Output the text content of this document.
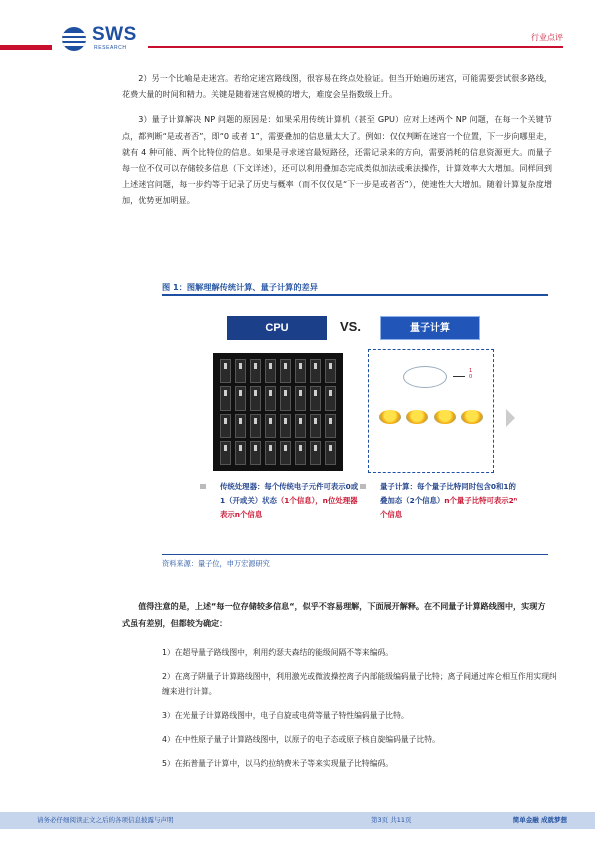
SWS
RESEARCH
行业点评

2）另一个比喻是走迷宫。若给定迷宫路线图，很容易在终点处验证。但当开始遍历迷宫，可能需要尝试很多路线，花费大量的时间和精力。关键是随着迷宫规模的增大，难度会呈指数级上升。

3）量子计算解决 NP 问题的原因是：如果采用传统计算机（甚至 GPU）应对上述两个 NP 问题，在每一个关键节点，都判断“是或者否”，即“0 或者 1”，需要叠加的信息量太大了。例如：仅仅判断在迷宫一个位置，下一步向哪里走，就有 4 种可能、两个比特位的信息。如果是寻求迷宫最短路径，还需记录来的方向，需要消耗的信息资源更大。而量子每一位不仅可以存储较多信息（下文详述），还可以利用叠加态完成类似加法或乘法操作，计算效率大大增加。同样回到上述迷宫问题，每一步约等于记录了历史与概率（而不仅仅是“下一步是或者否”），使速性大大增加。随着计算复杂度增加，优势更加明显。

图 1：图解理解传统计算、量子计算的差异
CPU	VS.	量子计算
1
0
传统处理器：每个传统电子元件可表示0或1（开或关）状态（1个信息），n位处理器表示n个信息
量子计算：每个量子比特同时包含0和1的叠加态（2个信息）n个量子比特可表示2ⁿ个信息
资料来源：量子位，申万宏源研究

值得注意的是，上述“每一位存储较多信息“，似乎不容易理解，下面展开解释。在不同量子计算路线图中，实现方式虽有差别，但都较为确定：

1）在超导量子路线图中，利用约瑟夫森结的能级间隔不等来编码。

2）在离子阱量子计算路线图中，利用激光或微波操控离子内部能级编码量子比特；离子间通过库仑相互作用实现纠缠来进行计算。

3）在光量子计算路线图中，电子自旋或电荷等量子特性编码量子比特。

4）在中性原子量子计算路线图中，以原子的电子态或原子核自旋编码量子比特。

5）在拓普量子计算中，以马约拉纳费米子等来实现量子比特编码。

请务必仔细阅读正文之后的各项信息披露与声明	第3页 共11页	简单金融 成就梦想
